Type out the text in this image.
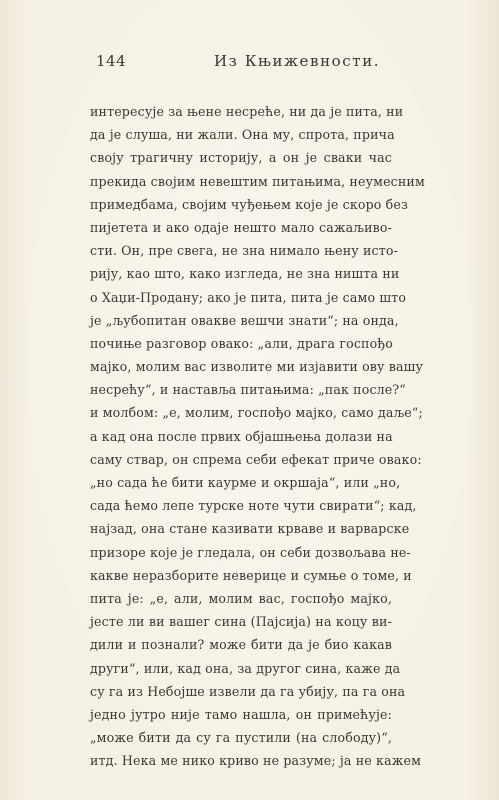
144	Из Књижевности.
интересује за њене несреће, ни да је пита, ни
да је слуша, ни жали. Она му, спрота, прича
своју трагичну историју, а он је сваки час
прекида својим невештим питањима, неумесним
примедбама, својим чуђењем које је скоро без
пијетета и ако одаје нешто мало сажаљиво-
сти. Он, пре свега, не зна нимало њену исто-
рију, као што, како изгледа, не зна ништа ни
о Хаџи-Продану; ако је пита, пита је само што
је „љубопитан овакве вешчи знати“; на онда,
почиње разговор овако: „али, драга госпођо
мајко, молим вас изволите ми изјавити ову вашу
несрећу“, и наставља питањима: „пак после?“
и молбом: „е, молим, госпођо мајко, само даље“;
а кад она после првих објашњења долази на
саму ствар, он спрема себи ефекат приче овако:
„но сада ће бити каурме и окршаја“, или „но,
сада ћемо лепе турске нотe чути свирати“; кад,
најзад, она стане казивати крваве и варварске
призоре које је гледала, он себи дозвољава не-
какве неразборите неверице и сумње о томе, и
пита је: „е, али, молим вас, госпођо мајко,
јесте ли ви вашег сина (Пајсија) на коцу ви-
дили и познали? може бити да је био какав
други“, или, кад она, за другог сина, каже да
су га из Небојше извели да га убију, па га она
једно јутро није тамо нашла, он примећује:
„може бити да су га пустили (на слободу)“,
итд. Нека ме нико криво не разуме; ја не кажем
